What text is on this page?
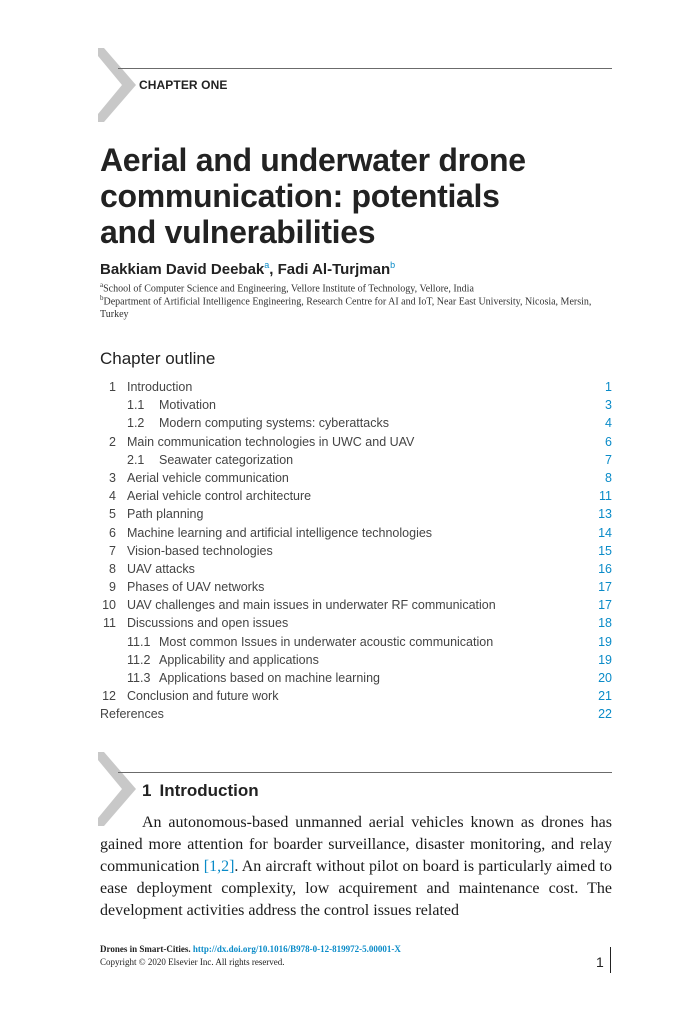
CHAPTER ONE
Aerial and underwater drone
communication: potentials
and vulnerabilities
Bakkiam David Deebak$^a$, Fadi Al-Turjman$^b$
$^a$School of Computer Science and Engineering, Vellore Institute of Technology, Vellore, India
$^b$Department of Artificial Intelligence Engineering, Research Centre for AI and IoT, Near East University, Nicosia, Mersin, Turkey
Chapter outline
1 Introduction	1
1.1 Motivation	3
1.2 Modern computing systems: cyberattacks	4
2 Main communication technologies in UWC and UAV	6
2.1 Seawater categorization	7
3 Aerial vehicle communication	8
4 Aerial vehicle control architecture	11
5 Path planning	13
6 Machine learning and artificial intelligence technologies	14
7 Vision-based technologies	15
8 UAV attacks	16
9 Phases of UAV networks	17
10 UAV challenges and main issues in underwater RF communication	17
11 Discussions and open issues	18
11.1 Most common Issues in underwater acoustic communication	19
11.2 Applicability and applications	19
11.3 Applications based on machine learning	20
12 Conclusion and future work	21
References	22
1 Introduction

An autonomous-based unmanned aerial vehicles known as drones has gained more attention for boarder surveillance, disaster monitoring, and relay communication [1,2]. An aircraft without pilot on board is particularly aimed to ease deployment complexity, low acquirement and maintenance cost. The development activities address the control issues related

Drones in Smart-Cities. http://dx.doi.org/10.1016/B978-0-12-819972-5.00001-X
Copyright © 2020 Elsevier Inc. All rights reserved.	1
